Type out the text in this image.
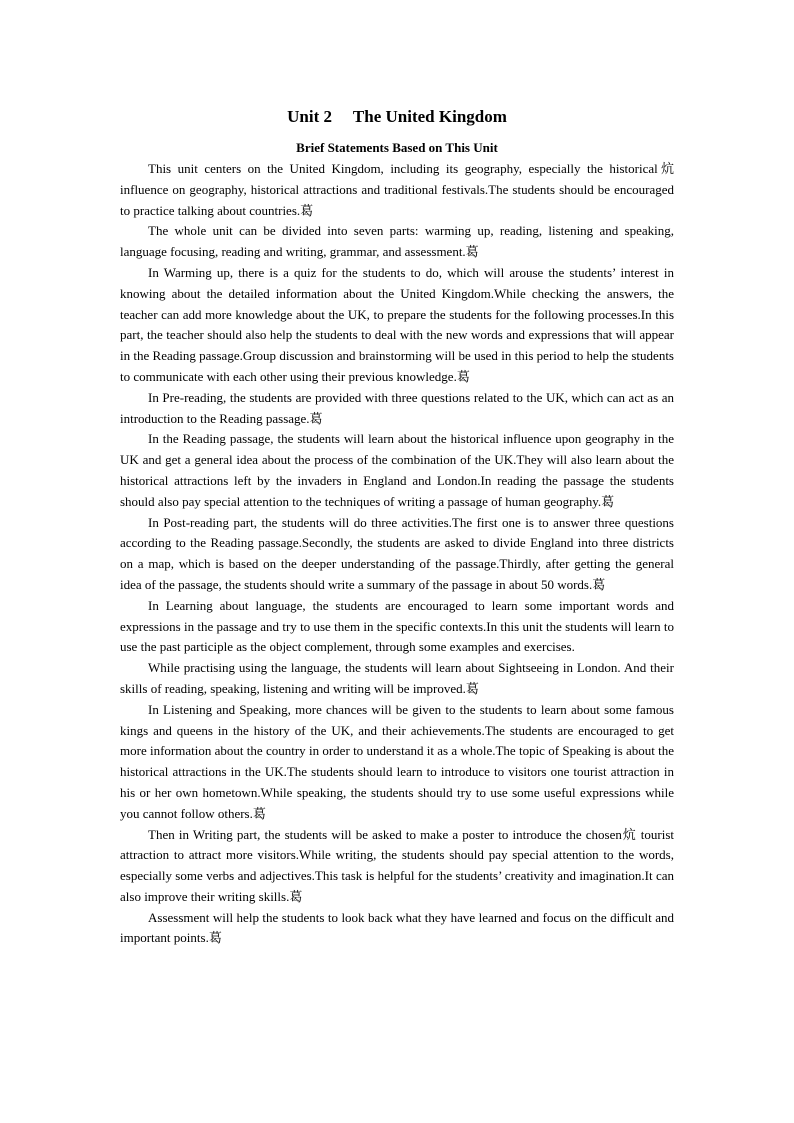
Unit 2  The United Kingdom
Brief Statements Based on This Unit

This unit centers on the United Kingdom, including its geography, especially the historical炕 influence on geography, historical attractions and traditional festivals.The students should be encouraged to practice talking about countries.葛

The whole unit can be divided into seven parts: warming up, reading, listening and speaking, language focusing, reading and writing, grammar, and assessment.葛

In Warming up, there is a quiz for the students to do, which will arouse the students’ interest in knowing about the detailed information about the United Kingdom.While checking the answers, the teacher can add more knowledge about the UK, to prepare the students for the following processes.In this part, the teacher should also help the students to deal with the new words and expressions that will appear in the Reading passage.Group discussion and brainstorming will be used in this period to help the students to communicate with each other using their previous knowledge.葛

In Pre-reading, the students are provided with three questions related to the UK, which can act as an introduction to the Reading passage.葛

In the Reading passage, the students will learn about the historical influence upon geography in the UK and get a general idea about the process of the combination of the UK.They will also learn about the historical attractions left by the invaders in England and London.In reading the passage the students should also pay special attention to the techniques of writing a passage of human geography.葛

In Post-reading part, the students will do three activities.The first one is to answer three questions according to the Reading passage.Secondly, the students are asked to divide England into three districts on a map, which is based on the deeper understanding of the passage.Thirdly, after getting the general idea of the passage, the students should write a summary of the passage in about 50 words.葛

In Learning about language, the students are encouraged to learn some important words and expressions in the passage and try to use them in the specific contexts.In this unit the students will learn to use the past participle as the object complement, through some examples and exercises.

While practising using the language, the students will learn about Sightseeing in London. And their skills of reading, speaking, listening and writing will be improved.葛

In Listening and Speaking, more chances will be given to the students to learn about some famous kings and queens in the history of the UK, and their achievements.The students are encouraged to get more information about the country in order to understand it as a whole.The topic of Speaking is about the historical attractions in the UK.The students should learn to introduce to visitors one tourist attraction in his or her own hometown.While speaking, the students should try to use some useful expressions while you cannot follow others.葛

Then in Writing part, the students will be asked to make a poster to introduce the chosen炕 tourist attraction to attract more visitors.While writing, the students should pay special attention to the words, especially some verbs and adjectives.This task is helpful for the students’ creativity and imagination.It can also improve their writing skills.葛

Assessment will help the students to look back what they have learned and focus on the difficult and important points.葛
